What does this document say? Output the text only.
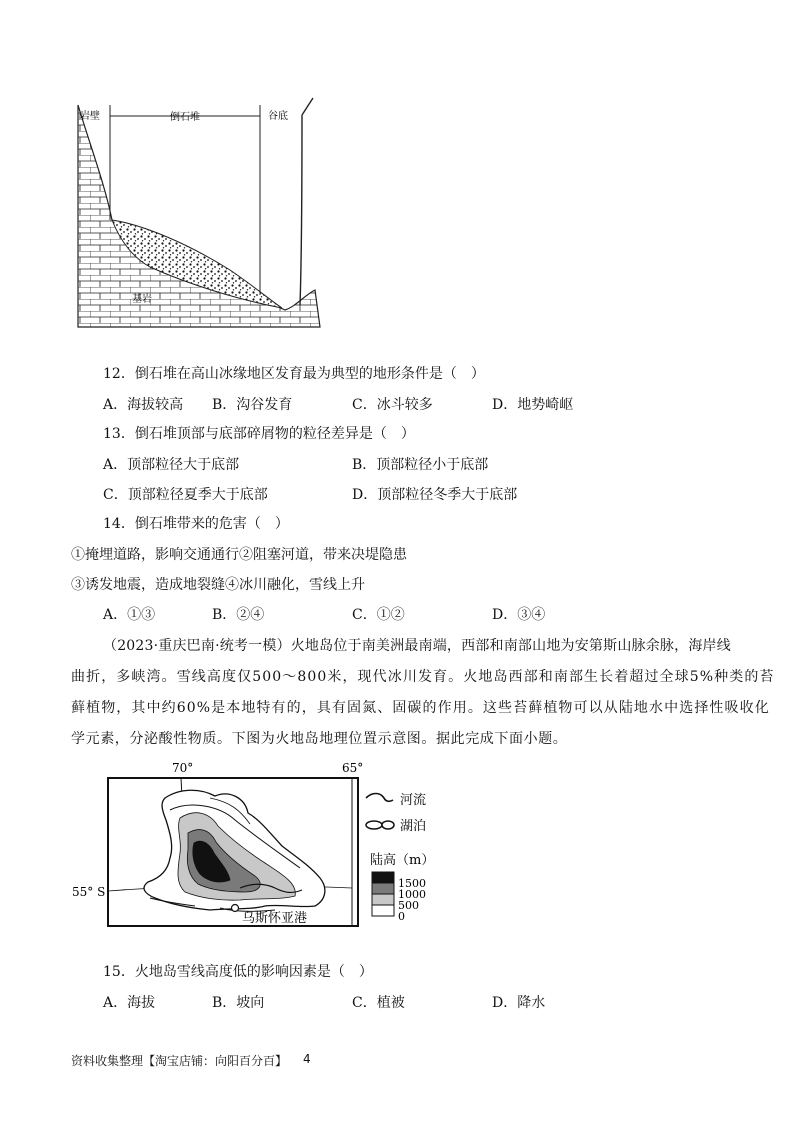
岩壁	倒石堆	谷底
基岩
12．倒石堆在高山冰缘地区发育最为典型的地形条件是（　）
A．海拔较高 B．沟谷发育	C．冰斗较多	D．地势崎岖
13．倒石堆顶部与底部碎屑物的粒径差异是（　）
A．顶部粒径大于底部	B．顶部粒径小于底部
C．顶部粒径夏季大于底部	D．顶部粒径冬季大于底部
14．倒石堆带来的危害（　）
①掩埋道路，影响交通通行②阻塞河道，带来决堤隐患
③诱发地震，造成地裂缝④冰川融化，雪线上升
A．①③	B．②④	C．①②	D．③④
（2023·重庆巴南·统考一模）火地岛位于南美洲最南端，西部和南部山地为安第斯山脉余脉，海岸线
曲折，多峡湾。雪线高度仅500～800米，现代冰川发育。火地岛西部和南部生长着超过全球5%种类的苔
藓植物，其中约60%是本地特有的，具有固氮、固碳的作用。这些苔藓植物可以从陆地水中选择性吸收化
学元素，分泌酸性物质。下图为火地岛地理位置示意图。据此完成下面小题。
70°	65°
55° S
乌斯怀亚港
河流
湖泊
陆高（m）
1500
1000
500
0
15．火地岛雪线高度低的影响因素是（　）
A．海拔	B．坡向	C．植被	D．降水
资料收集整理【淘宝店铺：向阳百分百】 4
